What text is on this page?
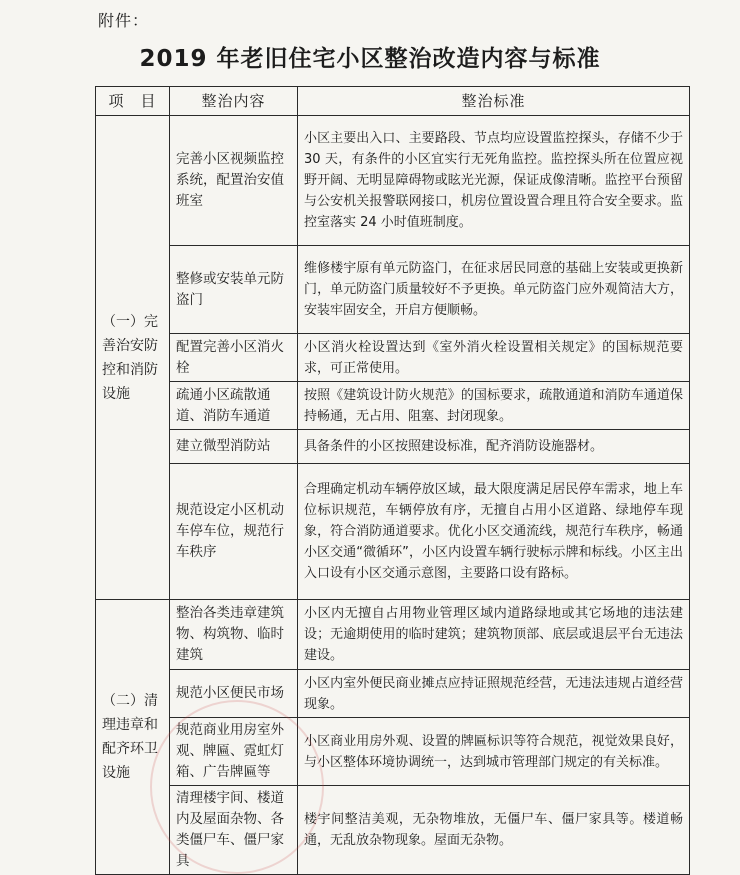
附件：
2019 年老旧住宅小区整治改造内容与标准
项　目	整治内容	整治标准
（一）完善治安防控和消防设施	完善小区视频监控系统，配置治安值班室	小区主要出入口、主要路段、节点均应设置监控探头，存储不少于 30 天，有条件的小区宜实行无死角监控。监控探头所在位置应视野开阔、无明显障碍物或眩光光源，保证成像清晰。监控平台预留与公安机关报警联网接口，机房位置设置合理且符合安全要求。监控室落实 24 小时值班制度。
	整修或安装单元防盗门	维修楼宇原有单元防盗门，在征求居民同意的基础上安装或更换新门，单元防盗门质量较好不予更换。单元防盗门应外观简洁大方，安装牢固安全，开启方便顺畅。
	配置完善小区消火栓	小区消火栓设置达到《室外消火栓设置相关规定》的国标规范要求，可正常使用。
	疏通小区疏散通道、消防车通道	按照《建筑设计防火规范》的国标要求，疏散通道和消防车通道保持畅通，无占用、阻塞、封闭现象。
	建立微型消防站	具备条件的小区按照建设标准，配齐消防设施器材。
	规范设定小区机动车停车位，规范行车秩序	合理确定机动车辆停放区域，最大限度满足居民停车需求，地上车位标识规范，车辆停放有序，无擅自占用小区道路、绿地停车现象，符合消防通道要求。优化小区交通流线，规范行车秩序，畅通小区交通“微循环”，小区内设置车辆行驶标示牌和标线。小区主出入口设有小区交通示意图，主要路口设有路标。
（二）清理违章和配齐环卫设施	整治各类违章建筑物、构筑物、临时建筑	小区内无擅自占用物业管理区域内道路绿地或其它场地的违法建设；无逾期使用的临时建筑；建筑物顶部、底层或退层平台无违法建设。
	规范小区便民市场	小区内室外便民商业摊点应持证照规范经营，无违法违规占道经营现象。
	规范商业用房室外观、牌匾、霓虹灯箱、广告牌匾等	小区商业用房外观、设置的牌匾标识等符合规范，视觉效果良好，与小区整体环境协调统一，达到城市管理部门规定的有关标准。
	清理楼宇间、楼道内及屋面杂物、各类僵尸车、僵尸家具	楼宇间整洁美观，无杂物堆放，无僵尸车、僵尸家具等。楼道畅通，无乱放杂物现象。屋面无杂物。
